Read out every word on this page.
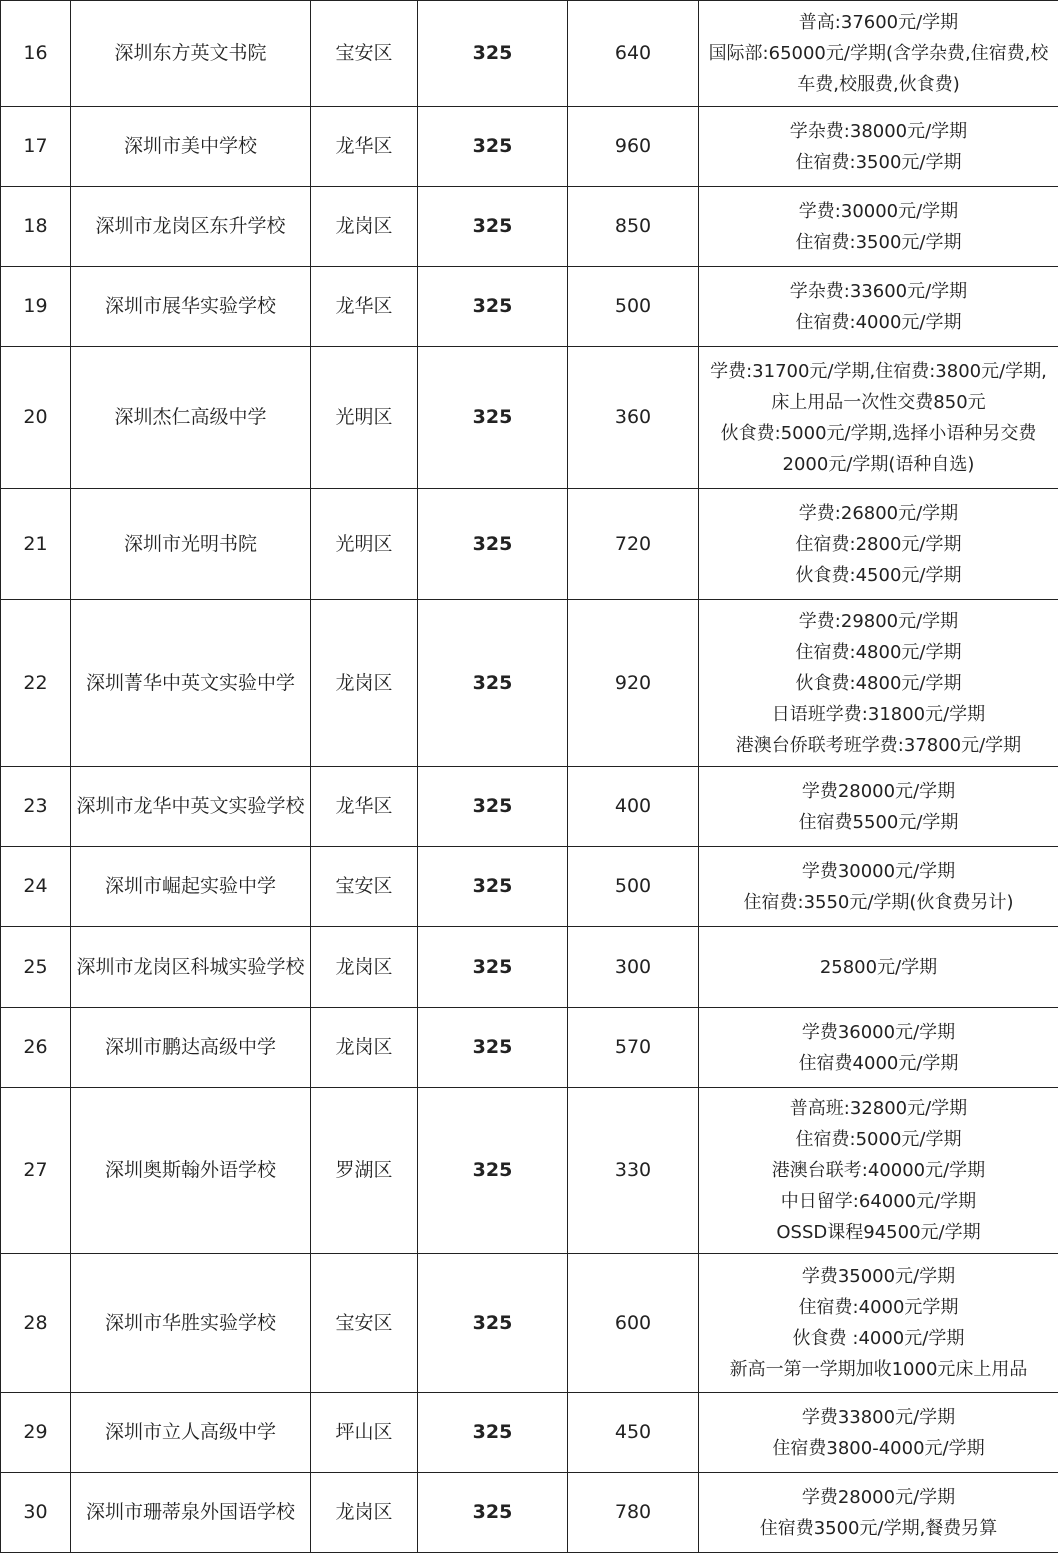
16	深圳东方英文书院	宝安区	325	640	普高:37600元/学期
国际部:65000元/学期(含学杂费,住宿费,校
车费,校服费,伙食费)

17	深圳市美中学校	龙华区	325	960	学杂费:38000元/学期
住宿费:3500元/学期

18	深圳市龙岗区东升学校	龙岗区	325	850	学费:30000元/学期
住宿费:3500元/学期

19	深圳市展华实验学校	龙华区	325	500	学杂费:33600元/学期
住宿费:4000元/学期

20	深圳杰仁高级中学	光明区	325	360	学费:31700元/学期,住宿费:3800元/学期,
床上用品一次性交费850元
伙食费:5000元/学期,选择小语种另交费
2000元/学期(语种自选)

21	深圳市光明书院	光明区	325	720	学费:26800元/学期
住宿费:2800元/学期
伙食费:4500元/学期

22	深圳菁华中英文实验中学	龙岗区	325	920	学费:29800元/学期
住宿费:4800元/学期
伙食费:4800元/学期
日语班学费:31800元/学期
港澳台侨联考班学费:37800元/学期

23	深圳市龙华中英文实验学校	龙华区	325	400	学费28000元/学期
住宿费5500元/学期

24	深圳市崛起实验中学	宝安区	325	500	学费30000元/学期
住宿费:3550元/学期(伙食费另计)

25	深圳市龙岗区科城实验学校	龙岗区	325	300	25800元/学期

26	深圳市鹏达高级中学	龙岗区	325	570	学费36000元/学期
住宿费4000元/学期

27	深圳奥斯翰外语学校	罗湖区	325	330	普高班:32800元/学期
住宿费:5000元/学期
港澳台联考:40000元/学期
中日留学:64000元/学期
OSSD课程94500元/学期

28	深圳市华胜实验学校	宝安区	325	600	学费35000元/学期
住宿费:4000元学期
伙食费 :4000元/学期
新高一第一学期加收1000元床上用品

29	深圳市立人高级中学	坪山区	325	450	学费33800元/学期
住宿费3800-4000元/学期

30	深圳市珊蒂泉外国语学校	龙岗区	325	780	学费28000元/学期
住宿费3500元/学期,餐费另算
